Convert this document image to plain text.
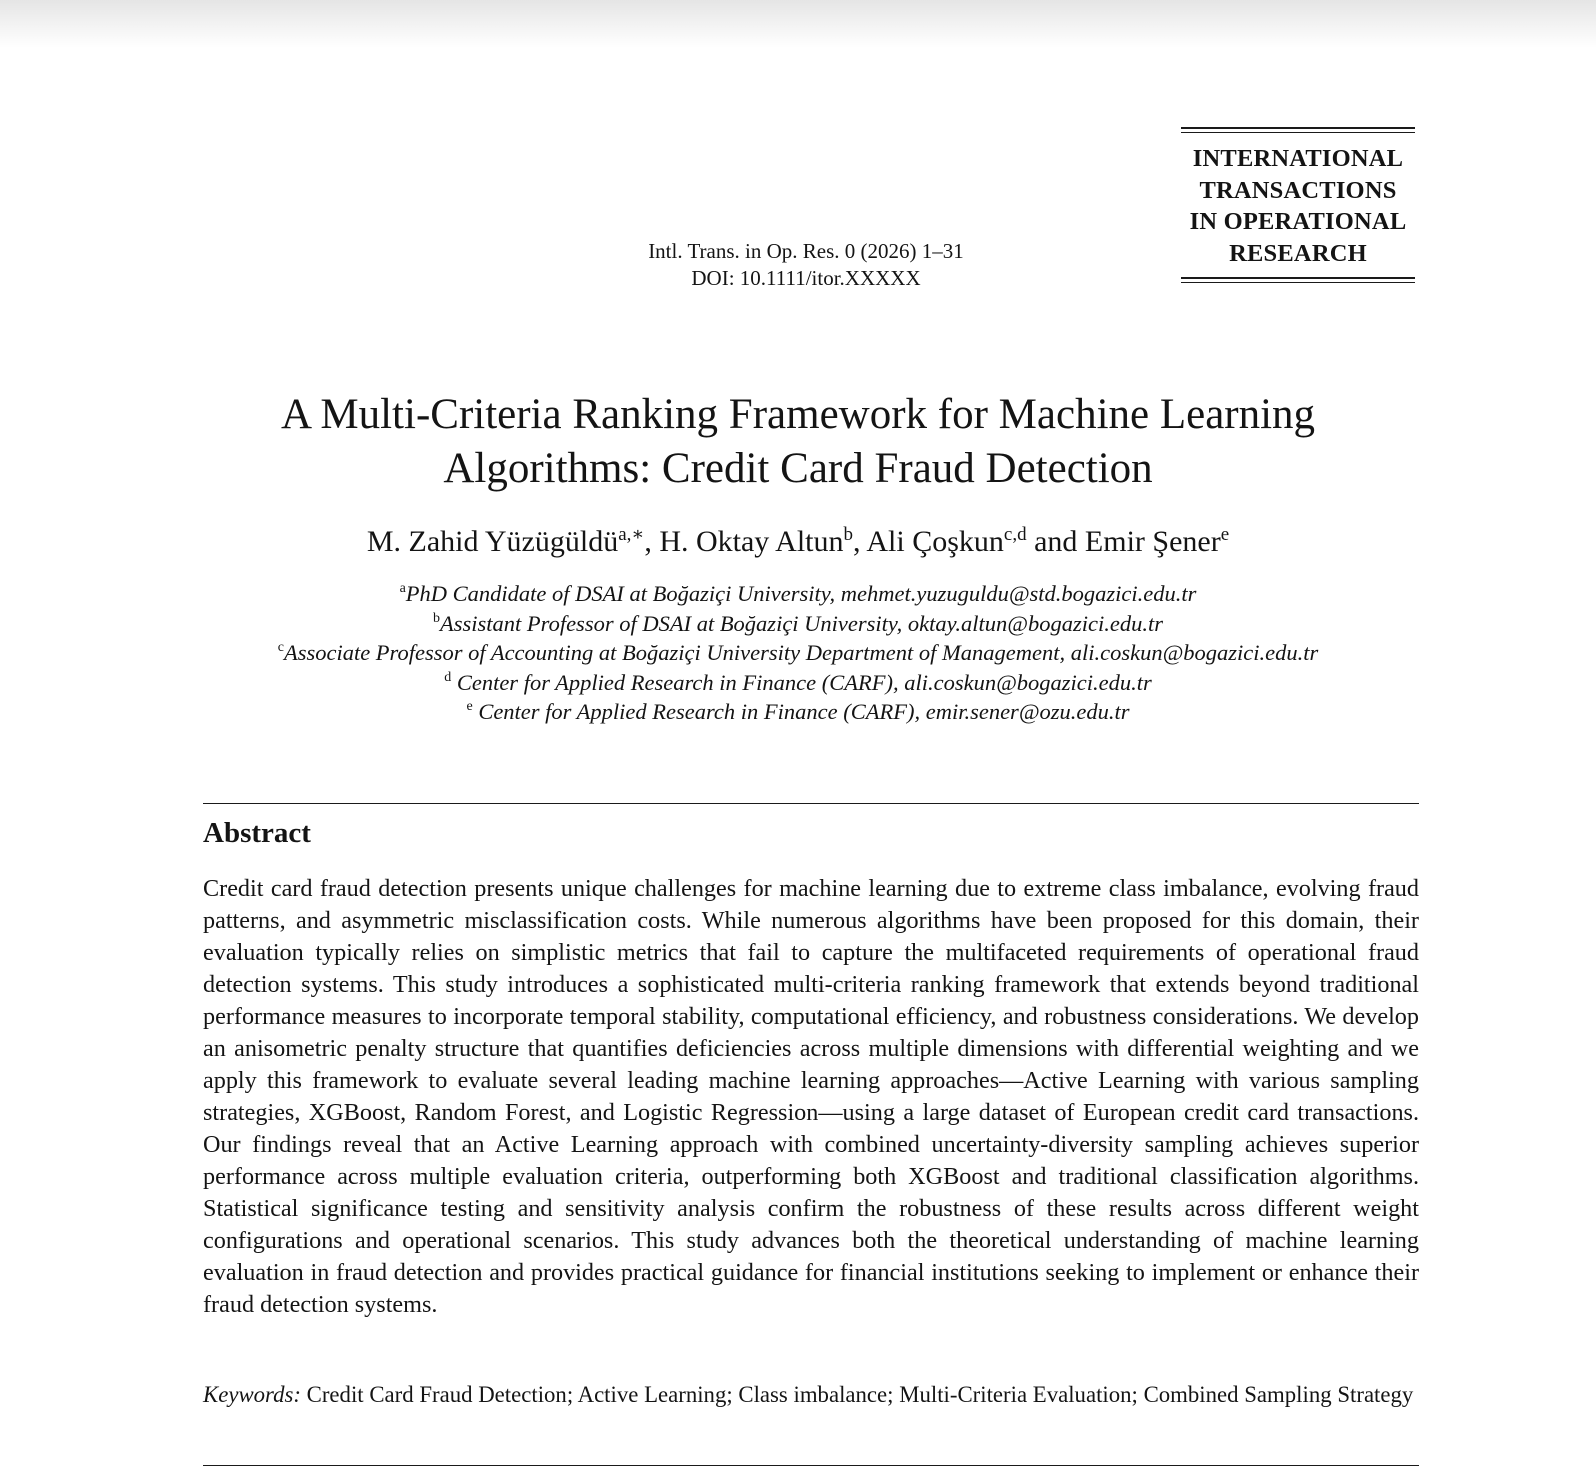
Intl. Trans. in Op. Res. 0 (2026) 1–31
DOI: 10.1111/itor.XXXXX
INTERNATIONAL
TRANSACTIONS
IN OPERATIONAL
RESEARCH
A Multi-Criteria Ranking Framework for Machine Learning
Algorithms: Credit Card Fraud Detection
M. Zahid Yüzügüldü$^{a,∗}$, H. Oktay Altun$^b$, Ali Çoşkun$^{c,d}$ and Emir Şener$^e$
$^a$PhD Candidate of DSAI at Boğaziçi University, mehmet.yuzuguldu@std.bogazici.edu.tr
$^b$Assistant Professor of DSAI at Boğaziçi University, oktay.altun@bogazici.edu.tr
$^c$Associate Professor of Accounting at Boğaziçi University Department of Management, ali.coskun@bogazici.edu.tr
$^d$ Center for Applied Research in Finance (CARF), ali.coskun@bogazici.edu.tr
$^e$ Center for Applied Research in Finance (CARF), emir.sener@ozu.edu.tr
Abstract

Credit card fraud detection presents unique challenges for machine learning due to extreme class imbalance, evolving fraud patterns, and asymmetric misclassification costs. While numerous algorithms have been proposed for this domain, their evaluation typically relies on simplistic metrics that fail to capture the multifaceted requirements of operational fraud detection systems. This study introduces a sophisticated multi-criteria ranking framework that extends beyond traditional performance measures to incorporate temporal stability, computational efficiency, and robustness considerations. We develop an anisometric penalty structure that quantifies deficiencies across multiple dimensions with differential weighting and we apply this framework to evaluate several leading machine learning approaches—Active Learning with various sampling strategies, XGBoost, Random Forest, and Logistic Regression—using a large dataset of European credit card transactions. Our findings reveal that an Active Learning approach with combined uncertainty-diversity sampling achieves superior performance across multiple evaluation criteria, outperforming both XGBoost and traditional classification algorithms. Statistical significance testing and sensitivity analysis confirm the robustness of these results across different weight configurations and operational scenarios. This study advances both the theoretical understanding of machine learning evaluation in fraud detection and provides practical guidance for financial institutions seeking to implement or enhance their fraud detection systems.

Keywords: Credit Card Fraud Detection; Active Learning; Class imbalance; Multi-Criteria Evaluation; Combined Sampling Strategy
